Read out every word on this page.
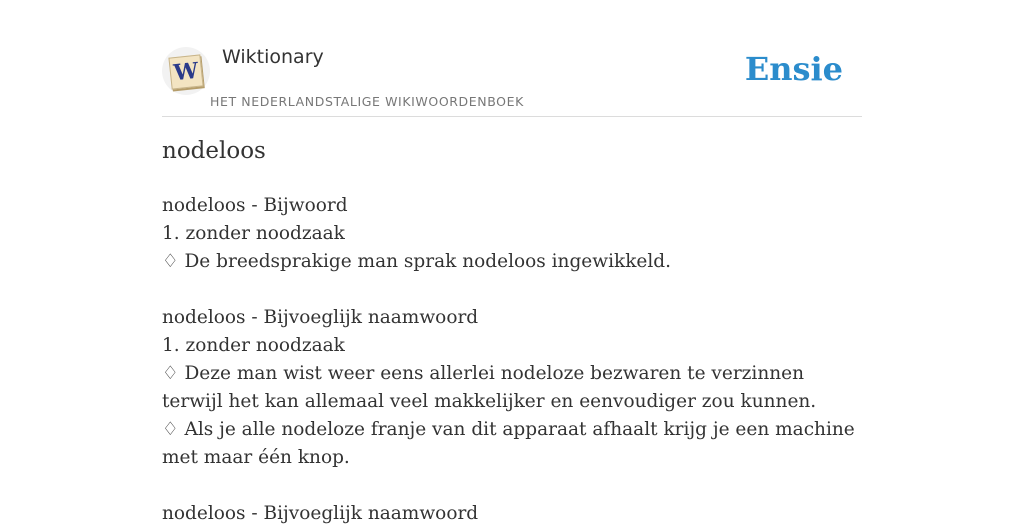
W
Wiktionary
HET NEDERLANDSTALIGE WIKIWOORDENBOEK
Ensie
nodeloos
nodeloos - Bijwoord
1. zonder noodzaak
♢ De breedsprakige man sprak nodeloos ingewikkeld.
nodeloos - Bijvoeglijk naamwoord
1. zonder noodzaak
♢ Deze man wist weer eens allerlei nodeloze bezwaren te verzinnen terwijl het kan allemaal veel makkelijker en eenvoudiger zou kunnen.
♢ Als je alle nodeloze franje van dit apparaat afhaalt krijg je een machine met maar één knop.
nodeloos - Bijvoeglijk naamwoord
